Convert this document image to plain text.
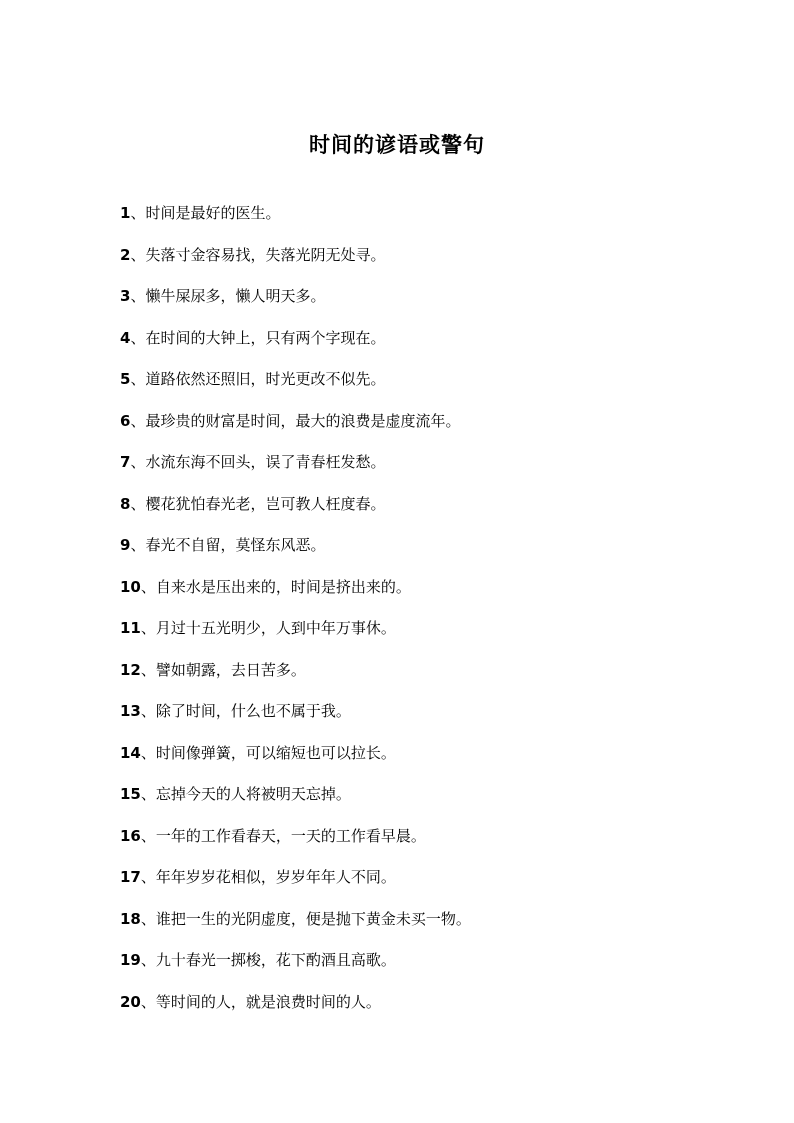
时间的谚语或警句
1、时间是最好的医生。
2、失落寸金容易找，失落光阴无处寻。
3、懒牛屎尿多，懒人明天多。
4、在时间的大钟上，只有两个字现在。
5、道路依然还照旧，时光更改不似先。
6、最珍贵的财富是时间，最大的浪费是虚度流年。
7、水流东海不回头，误了青春枉发愁。
8、樱花犹怕春光老，岂可教人枉度春。
9、春光不自留，莫怪东风恶。
10、自来水是压出来的，时间是挤出来的。
11、月过十五光明少，人到中年万事休。
12、譬如朝露，去日苦多。
13、除了时间，什么也不属于我。
14、时间像弹簧，可以缩短也可以拉长。
15、忘掉今天的人将被明天忘掉。
16、一年的工作看春天，一天的工作看早晨。
17、年年岁岁花相似，岁岁年年人不同。
18、谁把一生的光阴虚度，便是抛下黄金未买一物。
19、九十春光一掷梭，花下酌酒且高歌。
20、等时间的人，就是浪费时间的人。
